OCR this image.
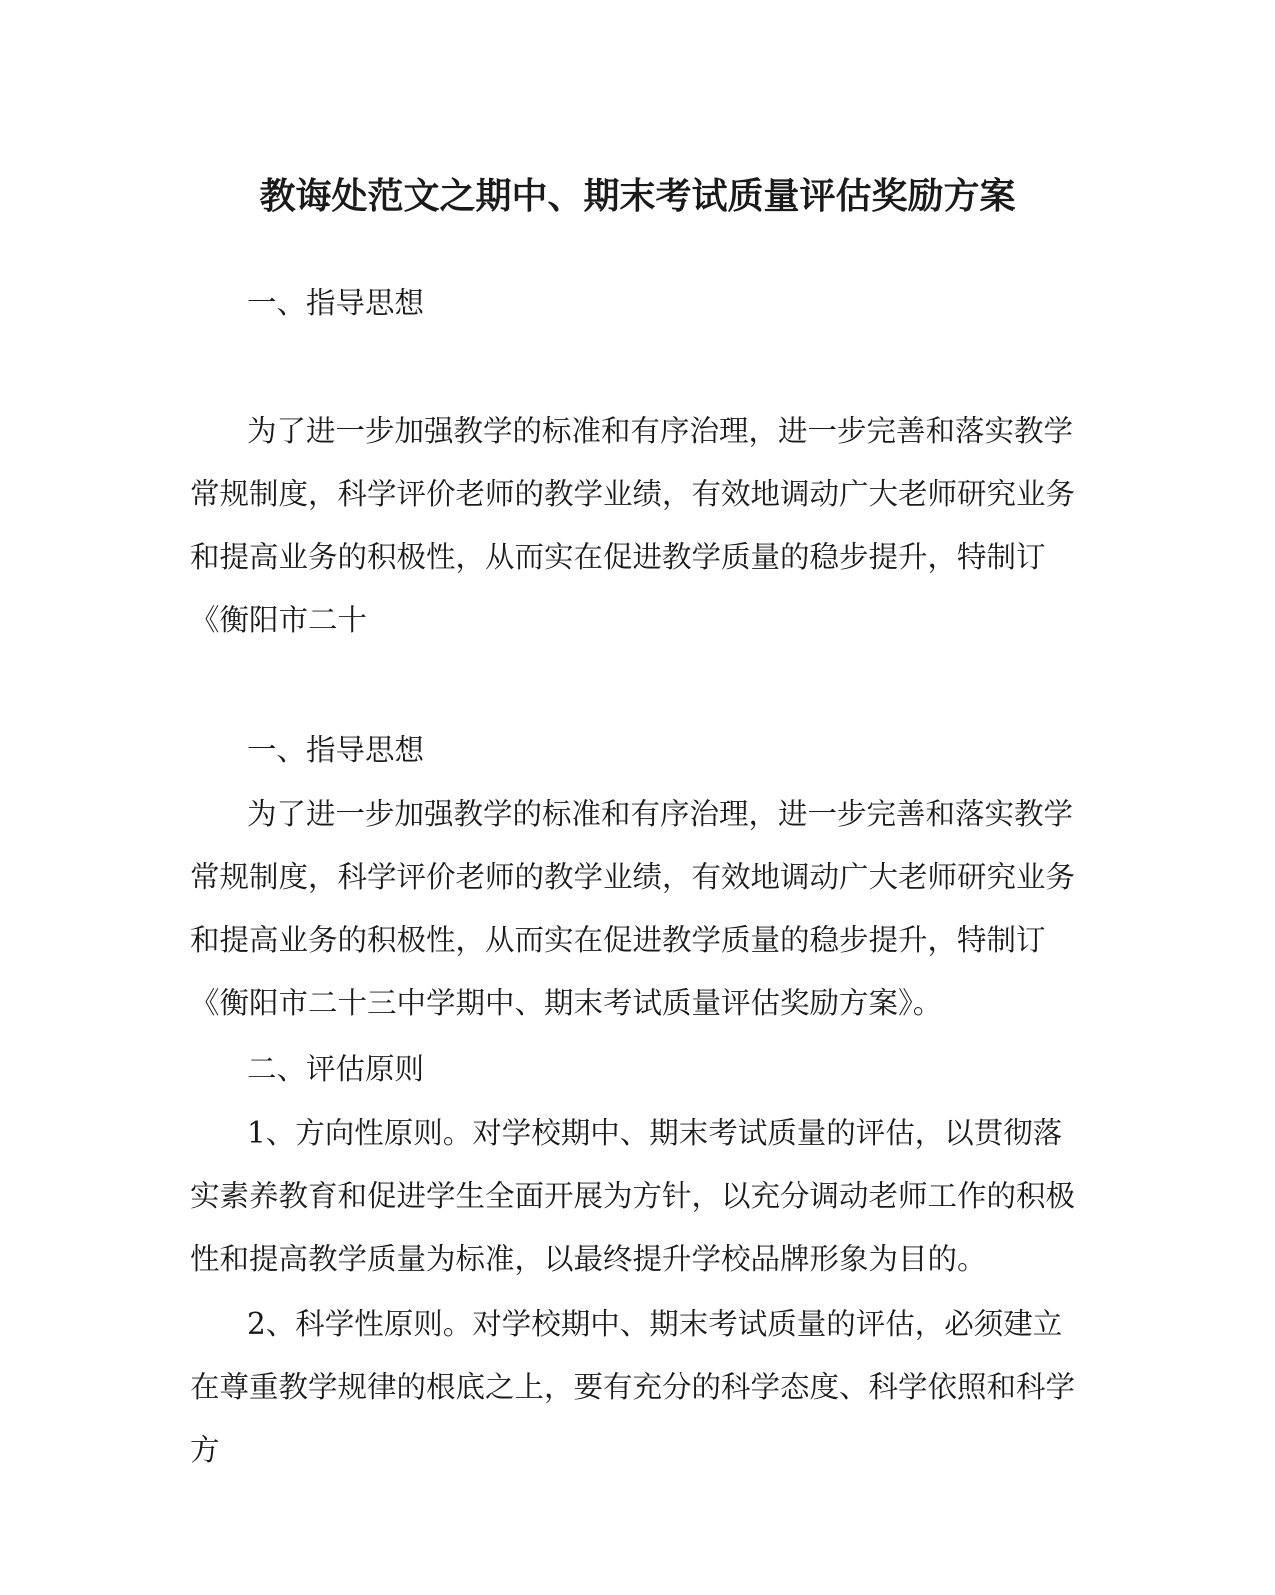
教诲处范文之期中、期末考试质量评估奖励方案
一、指导思想
为了进一步加强教学的标准和有序治理，进一步完善和落实教学常规制度，科学评价老师的教学业绩，有效地调动广大老师研究业务和提高业务的积极性，从而实在促进教学质量的稳步提升，特制订《衡阳市二十
一、指导思想
为了进一步加强教学的标准和有序治理，进一步完善和落实教学常规制度，科学评价老师的教学业绩，有效地调动广大老师研究业务和提高业务的积极性，从而实在促进教学质量的稳步提升，特制订《衡阳市二十三中学期中、期末考试质量评估奖励方案》。
二、评估原则
1、方向性原则。对学校期中、期末考试质量的评估，以贯彻落实素养教育和促进学生全面开展为方针，以充分调动老师工作的积极性和提高教学质量为标准，以最终提升学校品牌形象为目的。
2、科学性原则。对学校期中、期末考试质量的评估，必须建立在尊重教学规律的根底之上，要有充分的科学态度、科学依照和科学方
